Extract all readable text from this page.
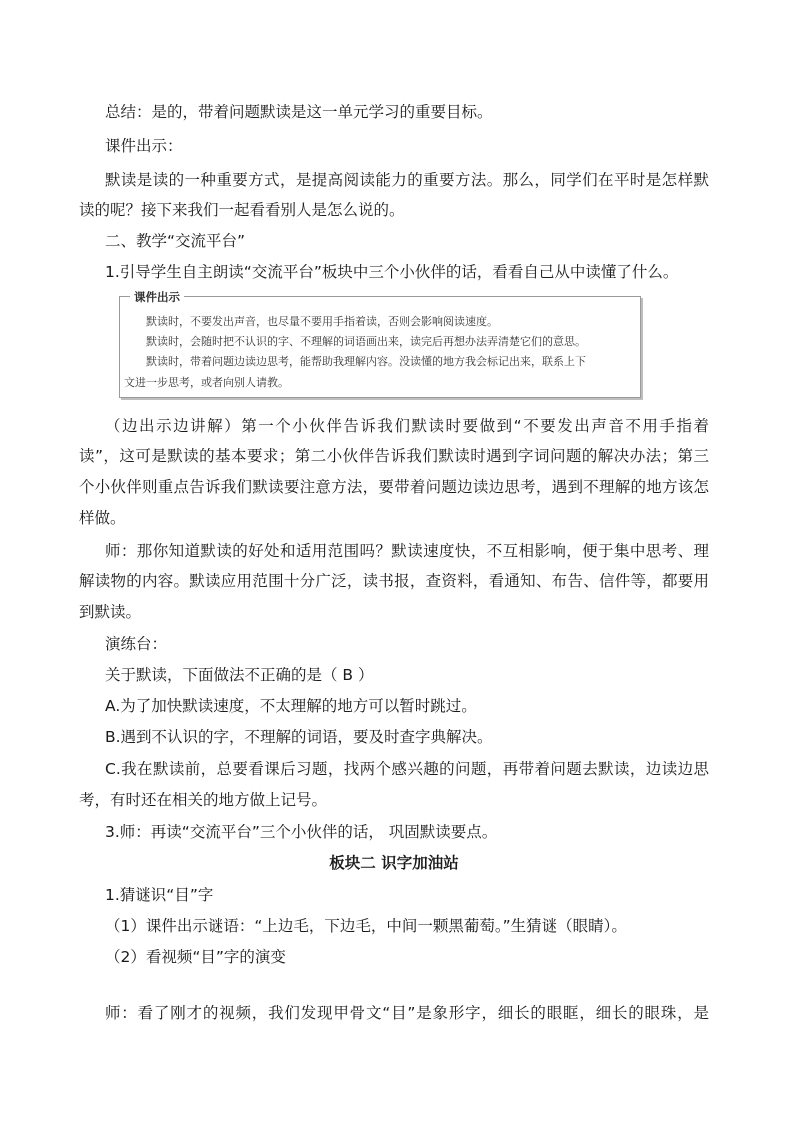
总结：是的，带着问题默读是这一单元学习的重要目标。

课件出示：

默读是读的一种重要方式，是提高阅读能力的重要方法。那么，同学们在平时是怎样默

读的呢？接下来我们一起看看别人是怎么说的。

二、教学“交流平台”

1.引导学生自主朗读“交流平台”板块中三个小伙伴的话，看看自己从中读懂了什么。

课件出示
默读时，不要发出声音，也尽量不要用手指着读，否则会影响阅读速度。
默读时，会随时把不认识的字、不理解的词语画出来，读完后再想办法弄清楚它们的意思。
默读时，带着问题边读边思考，能帮助我理解内容。没读懂的地方我会标记出来，联系上下
文进一步思考，或者向别人请教。

（边出示边讲解）第一个小伙伴告诉我们默读时要做到“不要发出声音不用手指着

读”，这可是默读的基本要求；第二小伙伴告诉我们默读时遇到字词问题的解决办法；第三

个小伙伴则重点告诉我们默读要注意方法，要带着问题边读边思考，遇到不理解的地方该怎

样做。

师：那你知道默读的好处和适用范围吗？默读速度快，不互相影响，便于集中思考、理

解读物的内容。默读应用范围十分广泛，读书报，查资料，看通知、布告、信件等，都要用

到默读。

演练台：

关于默读，下面做法不正确的是（ B ）

A.为了加快默读速度，不太理解的地方可以暂时跳过。

B.遇到不认识的字，不理解的词语，要及时查字典解决。

C.我在默读前，总要看课后习题，找两个感兴趣的问题，再带着问题去默读，边读边思

考，有时还在相关的地方做上记号。

3.师：再读“交流平台”三个小伙伴的话， 巩固默读要点。

板块二 识字加油站

1.猜谜识“目”字

（1）课件出示谜语：“上边毛，下边毛，中间一颗黑葡萄。”生猜谜（眼睛）。

（2）看视频“目”字的演变

师：看了刚才的视频，我们发现甲骨文“目”是象形字，细长的眼眶，细长的眼珠，是
